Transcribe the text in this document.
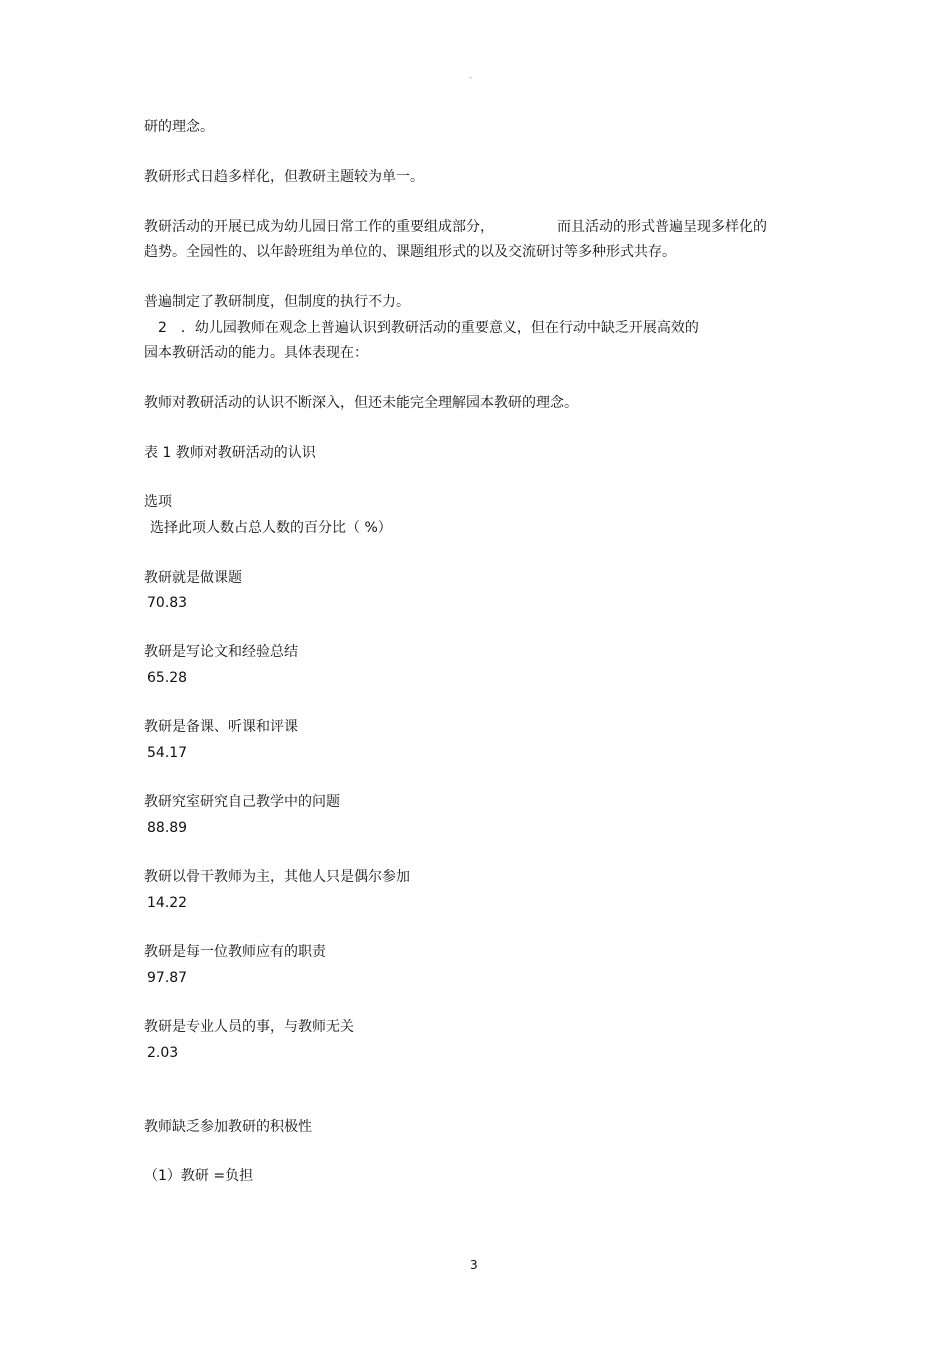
。
研的理念。
教研形式日趋多样化，但教研主题较为单一。
教研活动的开展已成为幼儿园日常工作的重要组成部分，	而且活动的形式普遍呈现多样化的
趋势。全园性的、以年龄班组为单位的、课题组形式的以及交流研讨等多种形式共存。
普遍制定了教研制度，但制度的执行不力。
2　．幼儿园教师在观念上普遍认识到教研活动的重要意义，但在行动中缺乏开展高效的
园本教研活动的能力。具体表现在：
教师对教研活动的认识不断深入，但还未能完全理解园本教研的理念。
表 1 教师对教研活动的认识
选项
选择此项人数占总人数的百分比（ %）
教研就是做课题
70.83
教研是写论文和经验总结
65.28
教研是备课、听课和评课
54.17
教研究室研究自己教学中的问题
88.89
教研以骨干教师为主，其他人只是偶尔参加
14.22
教研是每一位教师应有的职责
97.87
教研是专业人员的事，与教师无关
2.03
教师缺乏参加教研的积极性
（1）教研 =负担
3
